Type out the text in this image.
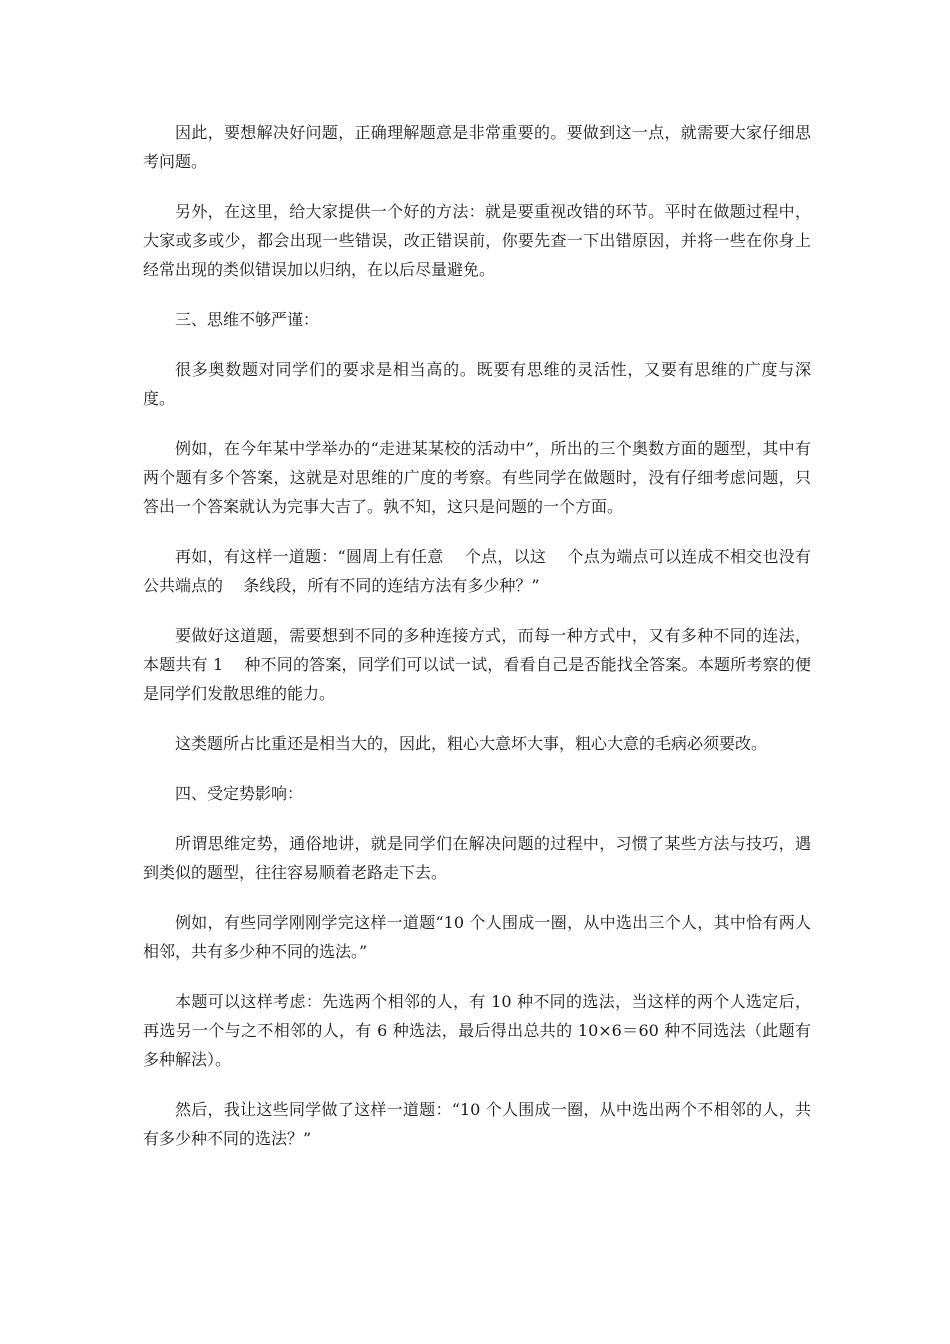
因此，要想解决好问题，正确理解题意是非常重要的。要做到这一点，就需要大家仔细思考问题。

另外，在这里，给大家提供一个好的方法：就是要重视改错的环节。平时在做题过程中，大家或多或少，都会出现一些错误，改正错误前，你要先查一下出错原因，并将一些在你身上经常出现的类似错误加以归纳，在以后尽量避免。

三、思维不够严谨：

很多奥数题对同学们的要求是相当高的。既要有思维的灵活性，又要有思维的广度与深度。

例如，在今年某中学举办的“走进某某校的活动中”，所出的三个奥数方面的题型，其中有两个题有多个答案，这就是对思维的广度的考察。有些同学在做题时，没有仔细考虑问题，只答出一个答案就认为完事大吉了。孰不知，这只是问题的一个方面。

再如，有这样一道题：“圆周上有任意    个点，以这    个点为端点可以连成不相交也没有公共端点的    条线段，所有不同的连结方法有多少种？”

要做好这道题，需要想到不同的多种连接方式，而每一种方式中，又有多种不同的连法，本题共有 1    种不同的答案，同学们可以试一试，看看自己是否能找全答案。本题所考察的便是同学们发散思维的能力。

这类题所占比重还是相当大的，因此，粗心大意坏大事，粗心大意的毛病必须要改。

四、受定势影响：

所谓思维定势，通俗地讲，就是同学们在解决问题的过程中，习惯了某些方法与技巧，遇到类似的题型，往往容易顺着老路走下去。

例如，有些同学刚刚学完这样一道题“10 个人围成一圈，从中选出三个人，其中恰有两人相邻，共有多少种不同的选法。”

本题可以这样考虑：先选两个相邻的人，有 10 种不同的选法，当这样的两个人选定后，再选另一个与之不相邻的人，有 6 种选法，最后得出总共的 10×6＝60 种不同选法（此题有多种解法）。

然后，我让这些同学做了这样一道题：“10 个人围成一圈，从中选出两个不相邻的人，共有多少种不同的选法？”
